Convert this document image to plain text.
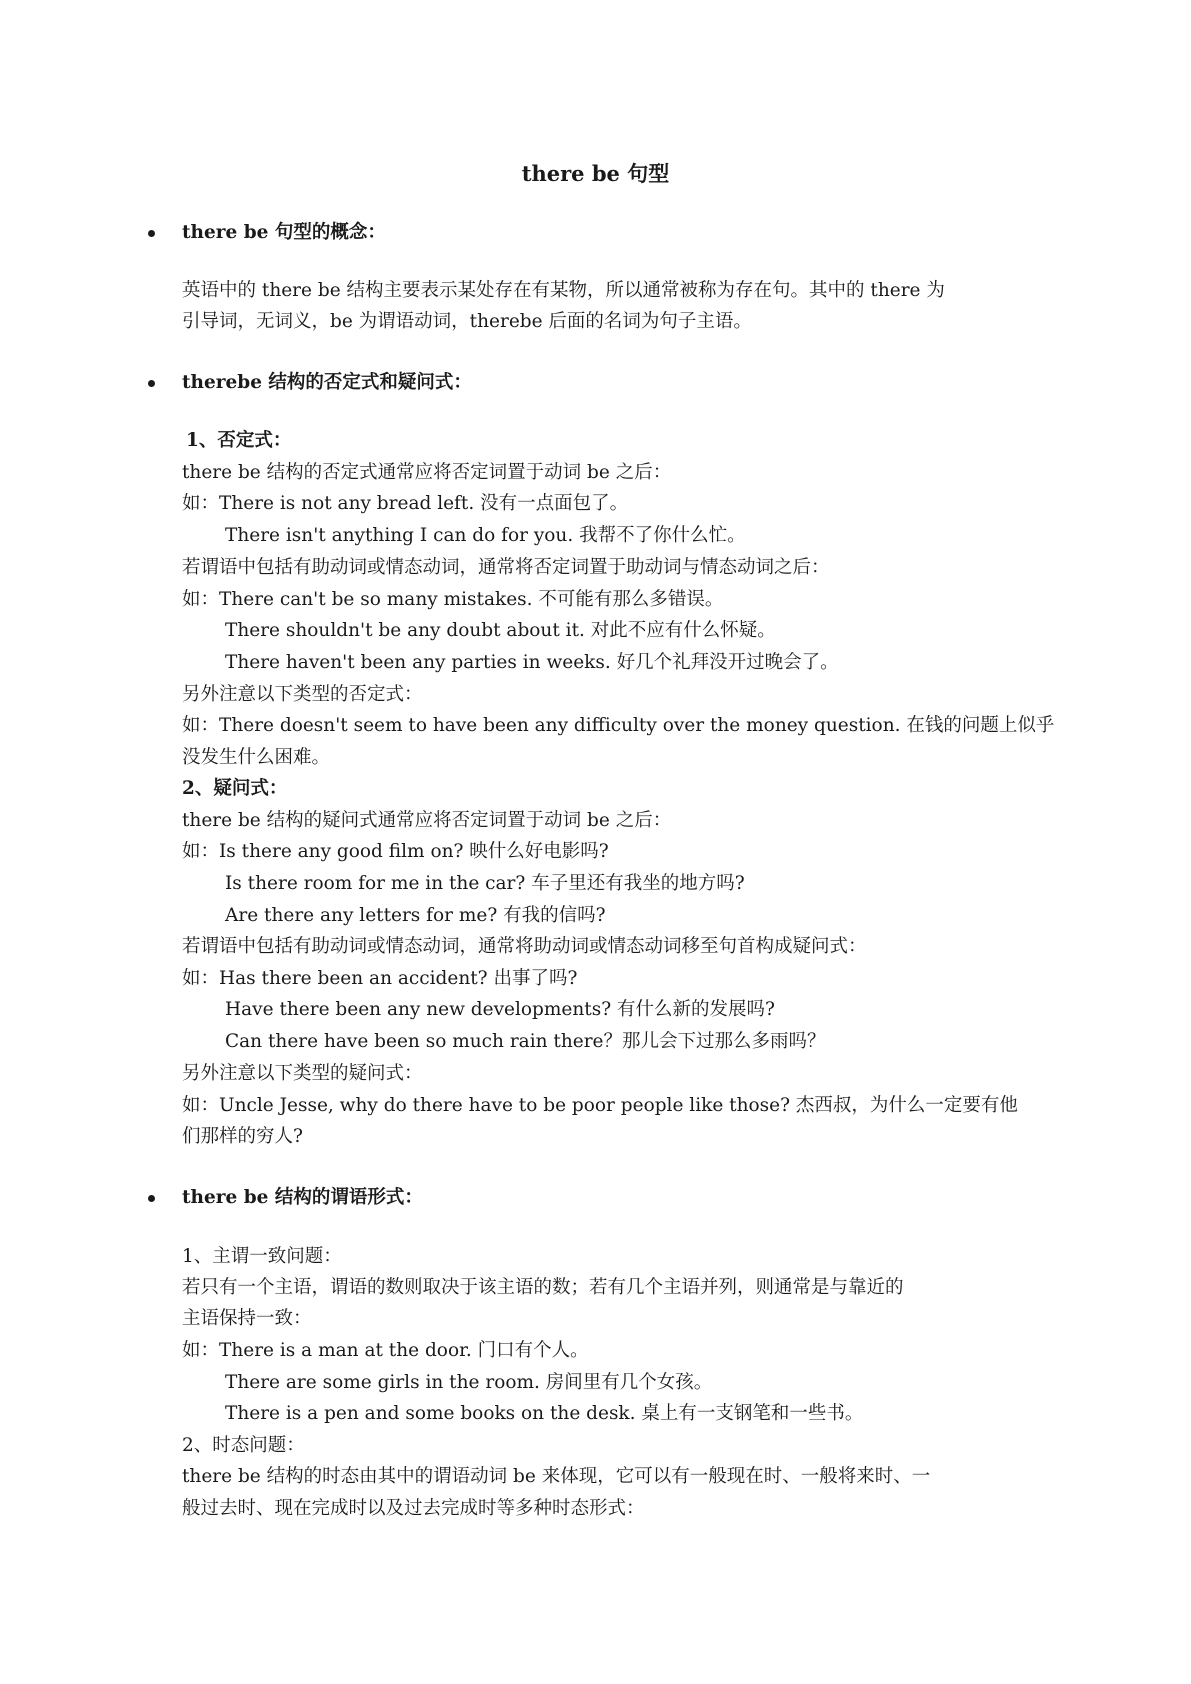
there be 句型
there be 句型的概念：
英语中的 there be 结构主要表示某处存在有某物，所以通常被称为存在句。其中的 there 为
引导词，无词义，be 为谓语动词，therebe 后面的名词为句子主语。
therebe 结构的否定式和疑问式：
1、否定式：
there be 结构的否定式通常应将否定词置于动词 be 之后：
如：There is not any bread left. 没有一点面包了。
There isn't anything I can do for you. 我帮不了你什么忙。
若谓语中包括有助动词或情态动词，通常将否定词置于助动词与情态动词之后：
如：There can't be so many mistakes. 不可能有那么多错误。
There shouldn't be any doubt about it. 对此不应有什么怀疑。
There haven't been any parties in weeks. 好几个礼拜没开过晚会了。
另外注意以下类型的否定式：
如：There doesn't seem to have been any difficulty over the money question. 在钱的问题上似乎
没发生什么困难。
2、疑问式：
there be 结构的疑问式通常应将否定词置于动词 be 之后：
如：Is there any good film on? 映什么好电影吗?
Is there room for me in the car? 车子里还有我坐的地方吗?
Are there any letters for me? 有我的信吗?
若谓语中包括有助动词或情态动词，通常将助动词或情态动词移至句首构成疑问式：
如：Has there been an accident? 出事了吗?
Have there been any new developments? 有什么新的发展吗?
Can there have been so much rain there？那儿会下过那么多雨吗？
另外注意以下类型的疑问式：
如：Uncle Jesse, why do there have to be poor people like those? 杰西叔，为什么一定要有他
们那样的穷人?
there be 结构的谓语形式：
1、主谓一致问题：
若只有一个主语，谓语的数则取决于该主语的数；若有几个主语并列，则通常是与靠近的
主语保持一致：
如：There is a man at the door. 门口有个人。
There are some girls in the room. 房间里有几个女孩。
There is a pen and some books on the desk. 桌上有一支钢笔和一些书。
2、时态问题：
there be 结构的时态由其中的谓语动词 be 来体现，它可以有一般现在时、一般将来时、一
般过去时、现在完成时以及过去完成时等多种时态形式：
